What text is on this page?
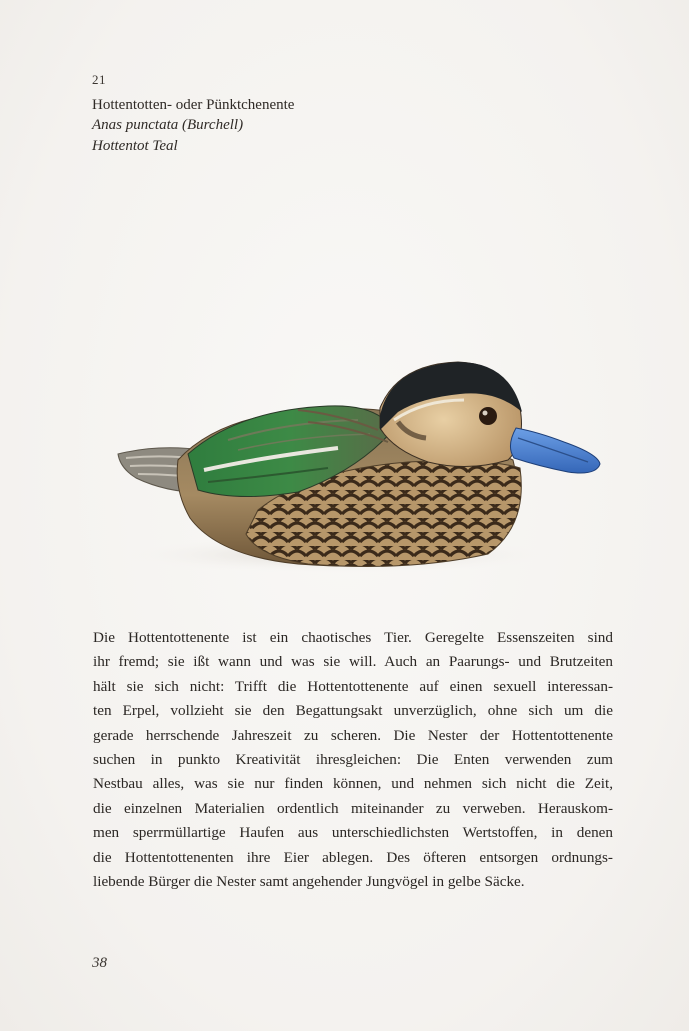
21
Hottentotten- oder Pünktchenente
Anas punctata (Burchell)
Hottentot Teal
Die Hottentottenente ist ein chaotisches Tier. Geregelte Essenszeiten sind
ihr fremd; sie ißt wann und was sie will. Auch an Paarungs- und Brutzeiten
hält sie sich nicht: Trifft die Hottentottenente auf einen sexuell interessan-
ten Erpel, vollzieht sie den Begattungsakt unverzüglich, ohne sich um die
gerade herrschende Jahreszeit zu scheren. Die Nester der Hottentottenente
suchen in punkto Kreativität ihresgleichen: Die Enten verwenden zum
Nestbau alles, was sie nur finden können, und nehmen sich nicht die Zeit,
die einzelnen Materialien ordentlich miteinander zu verweben. Herauskom-
men sperrmüllartige Haufen aus unterschiedlichsten Wertstoffen, in denen
die Hottentottenenten ihre Eier ablegen. Des öfteren entsorgen ordnungs-
liebende Bürger die Nester samt angehender Jungvögel in gelbe Säcke.
38
